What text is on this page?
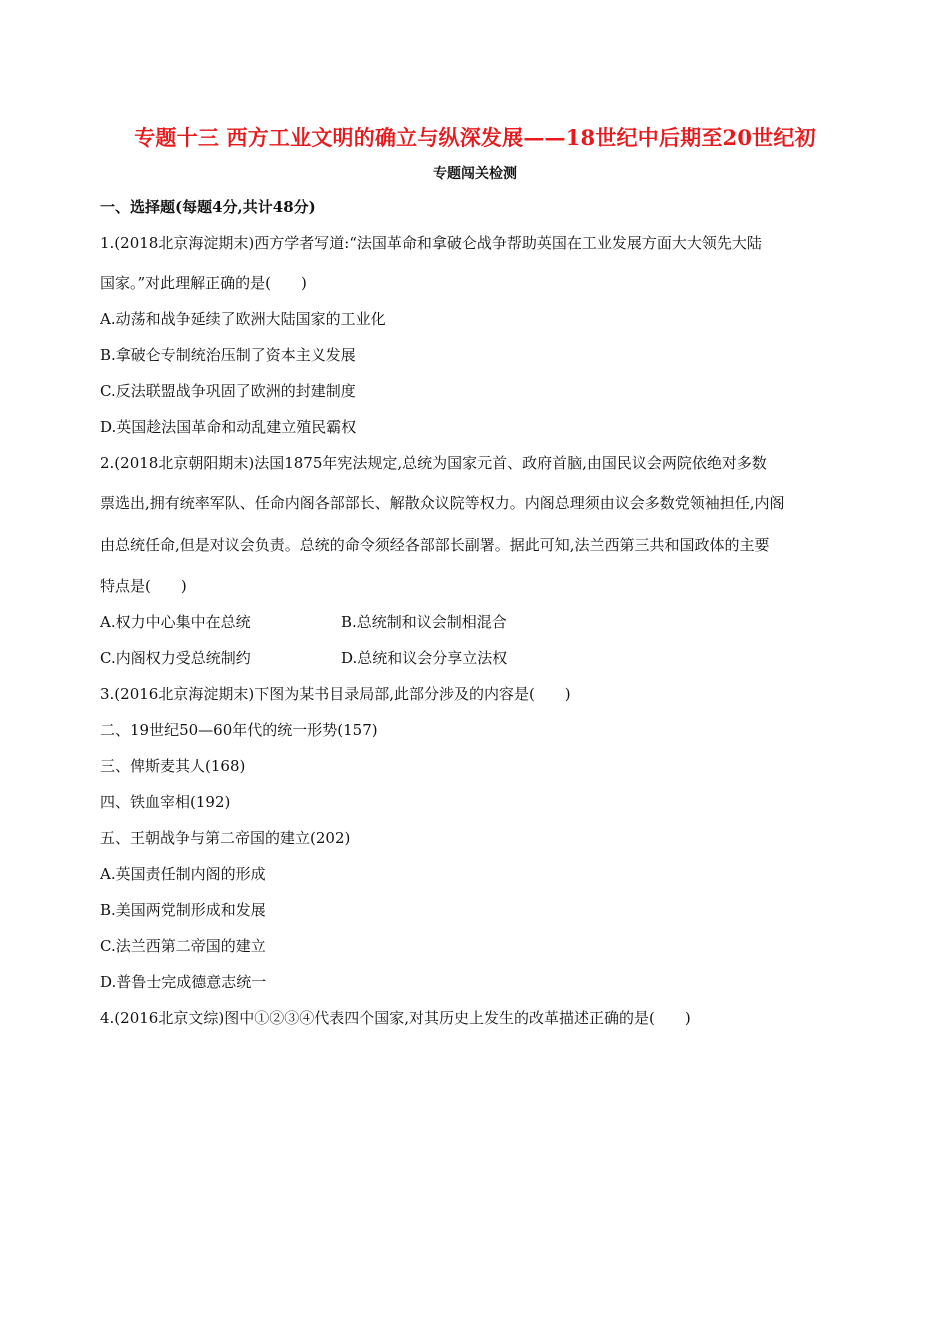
专题十三 西方工业文明的确立与纵深发展——18世纪中后期至20世纪初
专题闯关检测
一、选择题(每题4分,共计48分)
1.(2018北京海淀期末)西方学者写道:“法国革命和拿破仑战争帮助英国在工业发展方面大大领先大陆
国家。”对此理解正确的是(　　)
A.动荡和战争延续了欧洲大陆国家的工业化
B.拿破仑专制统治压制了资本主义发展
C.反法联盟战争巩固了欧洲的封建制度
D.英国趁法国革命和动乱建立殖民霸权
2.(2018北京朝阳期末)法国1875年宪法规定,总统为国家元首、政府首脑,由国民议会两院依绝对多数
票选出,拥有统率军队、任命内阁各部部长、解散众议院等权力。内阁总理须由议会多数党领袖担任,内阁
由总统任命,但是对议会负责。总统的命令须经各部部长副署。据此可知,法兰西第三共和国政体的主要
特点是(　　)
A.权力中心集中在总统	B.总统制和议会制相混合
C.内阁权力受总统制约	D.总统和议会分享立法权
3.(2016北京海淀期末)下图为某书目录局部,此部分涉及的内容是(　　)
二、19世纪50—60年代的统一形势(157)
三、俾斯麦其人(168)
四、铁血宰相(192)
五、王朝战争与第二帝国的建立(202)
A.英国责任制内阁的形成
B.美国两党制形成和发展
C.法兰西第二帝国的建立
D.普鲁士完成德意志统一
4.(2016北京文综)图中①②③④代表四个国家,对其历史上发生的改革描述正确的是(　　)
